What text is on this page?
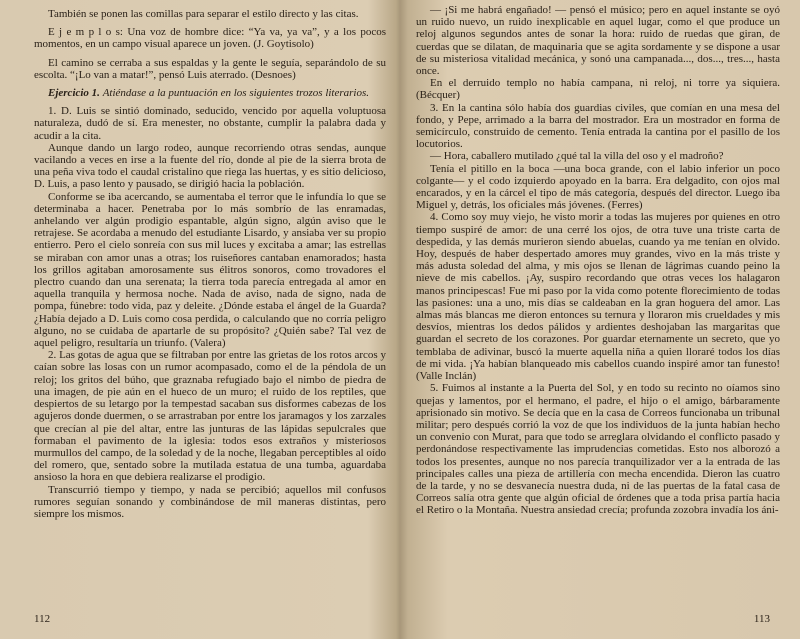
También se ponen las comillas para separar el estilo directo y las citas.

E j e m p l o s: Una voz de hombre dice: “Ya va, ya va”, y a los pocos momentos, en un campo visual aparece un joven. (J. Goytisolo)

El camino se cerraba a sus espaldas y la gente le seguía, separándolo de su escolta. “¡Lo van a matar!”, pensó Luis aterrado. (Desnoes)

Ejercicio 1. Atiéndase a la puntuación en los siguientes trozos literarios.

1. D. Luis se sintió dominado, seducido, vencido por aquella voluptuosa naturaleza, dudó de sí. Era menester, no obstante, cumplir la palabra dada y acudir a la cita.

Aunque dando un largo rodeo, aunque recorriendo otras sendas, aunque vacilando a veces en irse a la fuente del río, donde al pie de la sierra brota de una peña viva todo el caudal cristalino que riega las huertas, y es sitio delicioso, D. Luis, a paso lento y pausado, se dirigió hacia la población.

Conforme se iba acercando, se aumentaba el terror que le infundía lo que se determinaba a hacer. Penetraba por lo más sombrío de las enramadas, anhelando ver algún prodigio espantable, algún signo, algún aviso que le retrajese. Se acordaba a menudo del estudiante Lisardo, y ansiaba ver su propio entierro. Pero el cielo sonreía con sus mil luces y excitaba a amar; las estrellas se miraban con amor unas a otras; los ruiseñores cantaban enamorados; hasta los grillos agitaban amorosamente sus élitros sonoros, como trovadores el plectro cuando dan una serenata; la tierra toda parecía entregada al amor en aquella tranquila y hermosa noche. Nada de aviso, nada de signo, nada de pompa, fúnebre: todo vida, paz y deleite. ¿Dónde estaba el ángel de la Guarda? ¿Había dejado a D. Luis como cosa perdida, o calculando que no corría peligro alguno, no se cuidaba de apartarle de su propósito? ¿Quién sabe? Tal vez de aquel peligro, resultaría un triunfo. (Valera)

2. Las gotas de agua que se filtraban por entre las grietas de los rotos arcos y caían sobre las losas con un rumor acompasado, como el de la péndola de un reloj; los gritos del búho, que graznaba refugiado bajo el nimbo de piedra de una imagen, de pie aún en el hueco de un muro; el ruido de los reptiles, que despiertos de su letargo por la tempestad sacaban sus disformes cabezas de los agujeros donde duermen, o se arrastraban por entre los jaramagos y los zarzales que crecían al pie del altar, entre las junturas de las lápidas sepulcrales que formaban el pavimento de la iglesia: todos esos extraños y misteriosos murmullos del campo, de la soledad y de la noche, llegaban perceptibles al oído del romero, que, sentado sobre la mutilada estatua de una tumba, aguardaba ansioso la hora en que debiera realizarse el prodigio.

Transcurrió tiempo y tiempo, y nada se percibió; aquellos mil confusos rumores seguían sonando y combinándose de mil maneras distintas, pero siempre los mismos.

112

— ¡Si me habrá engañado! — pensó el músico; pero en aquel instante se oyó un ruido nuevo, un ruido inexplicable en aquel lugar, como el que produce un reloj algunos segundos antes de sonar la hora: ruido de ruedas que giran, de cuerdas que se dilatan, de maquinaria que se agita sordamente y se dispone a usar de su misteriosa vitalidad mecánica, y sonó una campanada..., dos..., tres..., hasta once.

En el derruido templo no había campana, ni reloj, ni torre ya siquiera. (Bécquer)

3. En la cantina sólo había dos guardias civiles, que comían en una mesa del fondo, y Pepe, arrimado a la barra del mostrador. Era un mostrador en forma de semicírculo, construido de cemento. Tenía entrada la cantina por el pasillo de los locutorios.

— Hora, caballero mutilado ¿qué tal la villa del oso y el madroño?

Tenía el pitillo en la boca —una boca grande, con el labio inferior un poco colgante— y el codo izquierdo apoyado en la barra. Era delgadito, con ojos mal encarados, y en la cárcel el tipo de más categoría, después del director. Luego iba Miguel y, detrás, los oficiales más jóvenes. (Ferres)

4. Como soy muy viejo, he visto morir a todas las mujeres por quienes en otro tiempo suspiré de amor: de una cerré los ojos, de otra tuve una triste carta de despedida, y las demás murieron siendo abuelas, cuando ya me tenían en olvido. Hoy, después de haber despertado amores muy grandes, vivo en la más triste y más adusta soledad del alma, y mis ojos se llenan de lágrimas cuando peino la nieve de mis cabellos. ¡Ay, suspiro recordando que otras veces los halagaron manos principescas! Fue mi paso por la vida como potente florecimiento de todas las pasiones: una a uno, mis días se caldeaban en la gran hoguera del amor. Las almas más blancas me dieron entonces su ternura y lloraron mis crueldades y mis desvíos, mientras los dedos pálidos y ardientes deshojaban las margaritas que guardan el secreto de los corazones. Por guardar eternamente un secreto, que yo temblaba de adivinar, buscó la muerte aquella niña a quien lloraré todos los días de mi vida. ¡Ya habían blanqueado mis cabellos cuando inspiré amor tan funesto! (Valle Inclán)

5. Fuimos al instante a la Puerta del Sol, y en todo su recinto no oíamos sino quejas y lamentos, por el hermano, el padre, el hijo o el amigo, bárbaramente aprisionado sin motivo. Se decía que en la casa de Correos funcionaba un tribunal militar; pero después corrió la voz de que los individuos de la junta habían hecho un convenio con Murat, para que todo se arreglara olvidando el conflicto pasado y perdonándose respectivamente las imprudencias cometidas. Esto nos alborozó a todos los presentes, aunque no nos parecía tranquilizador ver a la entrada de las principales calles una pieza de artillería con mecha encendida. Dieron las cuatro de la tarde, y no se desvanecía nuestra duda, ni de las puertas de la fatal casa de Correos salía otra gente que algún oficial de órdenes que a toda prisa partía hacia el Retiro o la Montaña. Nuestra ansiedad crecía; profunda zozobra invadía los áni-

113
